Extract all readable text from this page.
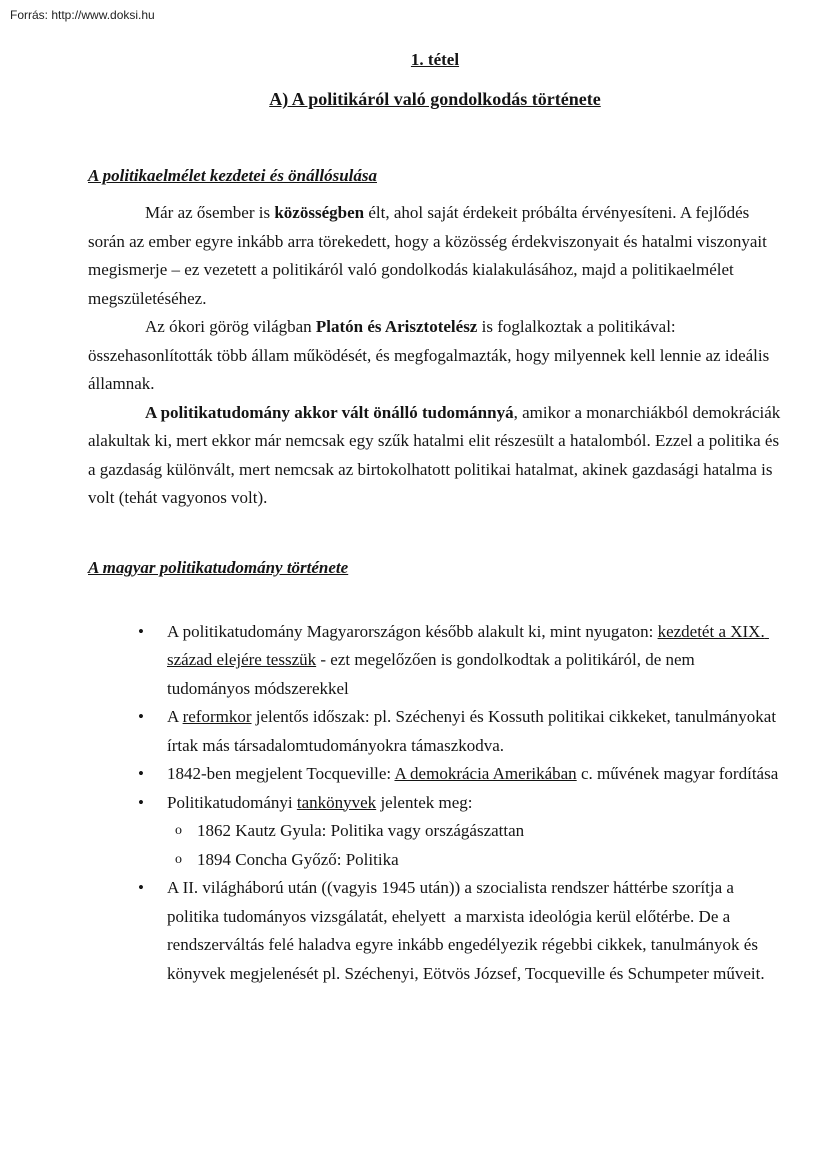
Forrás: http://www.doksi.hu
1. tétel
A) A politikáról való gondolkodás története
A politikaelmélet kezdetei és önállósulása

Már az ősember is közösségben élt, ahol saját érdekeit próbálta érvényesíteni. A fejlődés során az ember egyre inkább arra törekedett, hogy a közösség érdekviszonyait és hatalmi viszonyait megismerje – ez vezetett a politikáról való gondolkodás kialakulásához, majd a politikaelmélet megszületéséhez.

Az ókori görög világban Platón és Arisztotelész is foglalkoztak a politikával: összehasonlították több állam működését, és megfogalmazták, hogy milyennek kell lennie az ideális államnak.

A politikatudomány akkor vált önálló tudománnyá, amikor a monarchiákból demokráciák alakultak ki, mert ekkor már nemcsak egy szűk hatalmi elit részesült a hatalomból. Ezzel a politika és a gazdaság különvált, mert nemcsak az birtokolhatott politikai hatalmat, akinek gazdasági hatalma is volt (tehát vagyonos volt).

A magyar politikatudomány története
• A politikatudomány Magyarországon később alakult ki, mint nyugaton: kezdetét a XIX. század elejére tesszük - ezt megelőzően is gondolkodtak a politikáról, de nem tudományos módszerekkel
• A reformkor jelentős időszak: pl. Széchenyi és Kossuth politikai cikkeket, tanulmányokat írtak más társadalomtudományokra támaszkodva.
• 1842-ben megjelent Tocqueville: A demokrácia Amerikában c. művének magyar fordítása
• Politikatudományi tankönyvek jelentek meg:
o 1862 Kautz Gyula: Politika vagy országászattan
o 1894 Concha Győző: Politika
• A II. világháború után ((vagyis 1945 után)) a szocialista rendszer háttérbe szorítja a politika tudományos vizsgálatát, ehelyett  a marxista ideológia kerül előtérbe. De a rendszerváltás felé haladva egyre inkább engedélyezik régebbi cikkek, tanulmányok és könyvek megjelenését pl. Széchenyi, Eötvös József, Tocqueville és Schumpeter műveit.
